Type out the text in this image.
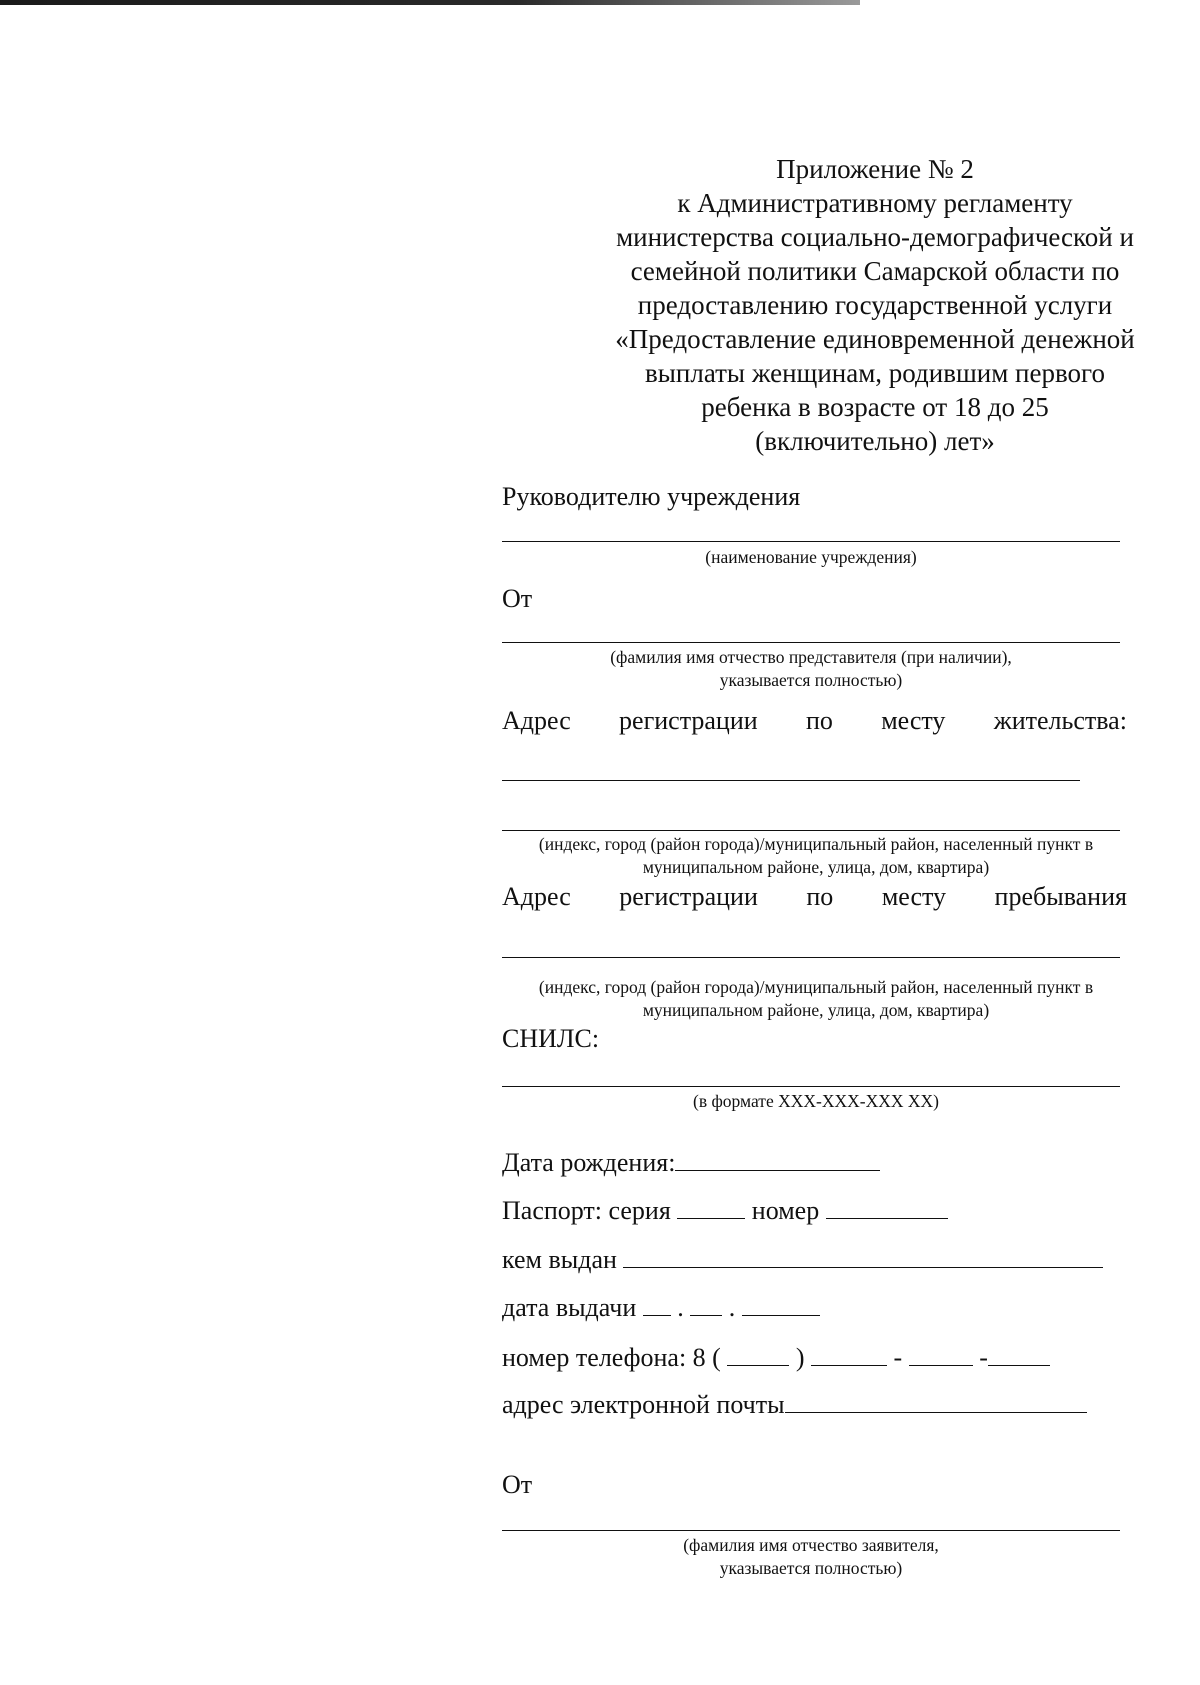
Приложение № 2
к Административному регламенту
министерства социально-демографической и
семейной политики Самарской области по
предоставлению государственной услуги
«Предоставление единовременной денежной
выплаты женщинам, родившим первого
ребенка в возрасте от 18 до 25
(включительно) лет»
Руководителю учреждения
(наименование учреждения)
От
(фамилия имя отчество представителя (при наличии),
указывается полностью)
Адрес регистрации по месту жительства:
(индекс, город (район города)/муниципальный район, населенный пункт в
муниципальном районе, улица, дом, квартира)
Адрес регистрации по месту пребывания
(индекс, город (район города)/муниципальный район, населенный пункт в
муниципальном районе, улица, дом, квартира)
СНИЛС:
(в формате ХХХ-ХХХ-ХХХ ХХ)
Дата рождения:
Паспорт: серия	номер
кем выдан
дата выдачи . .
номер телефона: 8 (	)	-	-
адрес электронной почты
От
(фамилия имя отчество заявителя,
указывается полностью)
